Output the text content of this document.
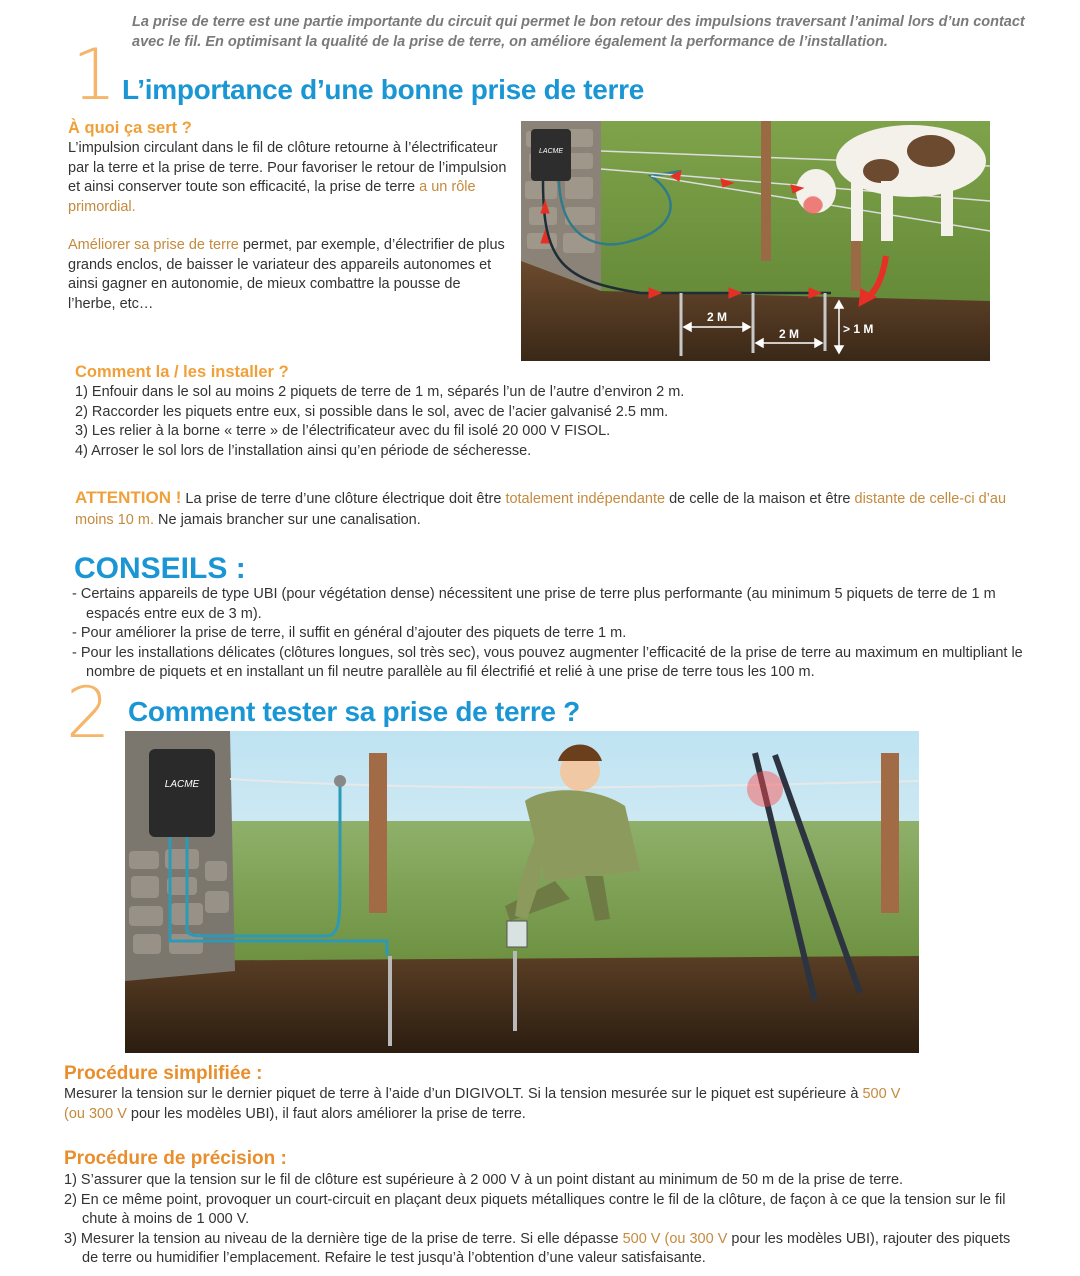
La prise de terre est une partie importante du circuit qui permet le bon retour des impulsions traversant l’animal lors d’un contact avec le fil. En optimisant la qualité de la prise de terre, on améliore également la performance de l’installation.

1 L’importance d’une bonne prise de terre
À quoi ça sert ?

L’impulsion circulant dans le fil de clôture retourne à l’électrificateur par la terre et la prise de terre. Pour favoriser le retour de l’impulsion et ainsi conserver toute son efficacité, la prise de terre a un rôle primordial.

Améliorer sa prise de terre permet, par exemple, d’électrifier de plus grands enclos, de baisser le variateur des appareils autonomes et ainsi gagner en autonomie, de mieux combattre la pousse de l’herbe, etc…

LACME
2 M
2 M	> 1 M
Comment la / les installer ?
1) Enfouir dans le sol au moins 2 piquets de terre de 1 m, séparés l’un de l’autre d’environ 2 m.
2) Raccorder les piquets entre eux, si possible dans le sol, avec de l’acier galvanisé 2.5 mm.
3) Les relier à la borne « terre » de l’électrificateur avec du fil isolé 20 000 V FISOL.
4) Arroser le sol lors de l’installation ainsi qu’en période de sécheresse.

ATTENTION ! La prise de terre d’une clôture électrique doit être totalement indépendante de celle de la maison et être distante de celle-ci d’au moins 10 m. Ne jamais brancher sur une canalisation.

CONSEILS :
- Certains appareils de type UBI (pour végétation dense) nécessitent une prise de terre plus performante (au minimum 5 piquets de terre de 1 m espacés entre eux de 3 m).
- Pour améliorer la prise de terre, il suffit en général d’ajouter des piquets de terre 1 m.
- Pour les installations délicates (clôtures longues, sol très sec), vous pouvez augmenter l’efficacité de la prise de terre au maximum en multipliant le nombre de piquets et en installant un fil neutre parallèle au fil électrifié et relié à une prise de terre tous les 100 m.
2 Comment tester sa prise de terre ?
LACME
Procédure simplifiée :

Mesurer la tension sur le dernier piquet de terre à l’aide d’un DIGIVOLT. Si la tension mesurée sur le piquet est supérieure à 500 V
(ou 300 V pour les modèles UBI), il faut alors améliorer la prise de terre.

Procédure de précision :
1) S’assurer que la tension sur le fil de clôture est supérieure à 2 000 V à un point distant au minimum de 50 m de la prise de terre.
2) En ce même point, provoquer un court-circuit en plaçant deux piquets métalliques contre le fil de la clôture, de façon à ce que la tension sur le fil chute à moins de 1 000 V.
3) Mesurer la tension au niveau de la dernière tige de la prise de terre. Si elle dépasse 500 V (ou 300 V pour les modèles UBI), rajouter des piquets de terre ou humidifier l’emplacement. Refaire le test jusqu’à l’obtention d’une valeur satisfaisante.
